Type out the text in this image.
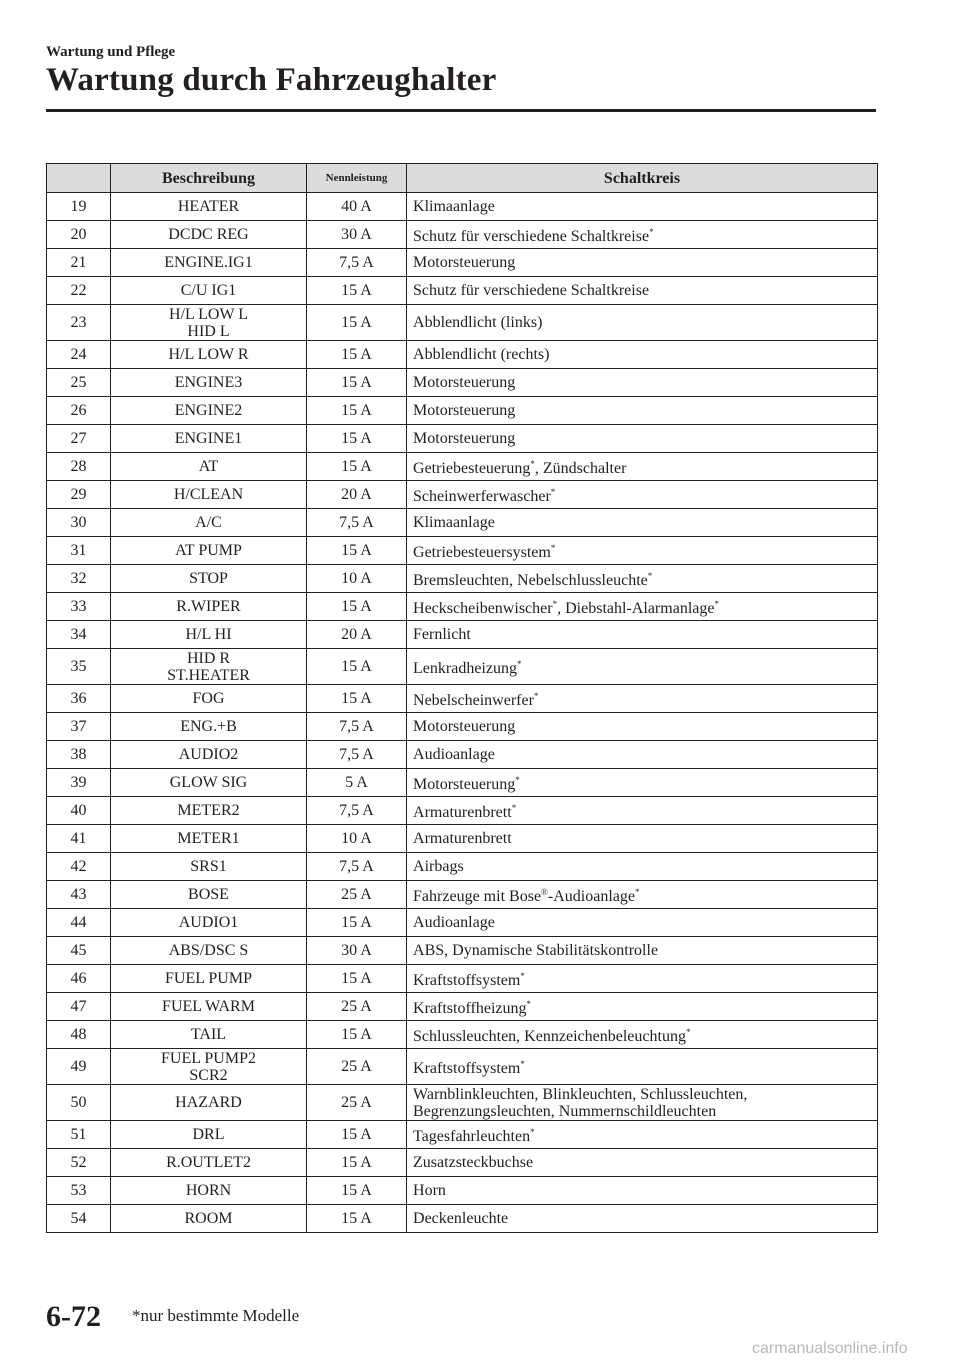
Wartung und Pflege
Wartung durch Fahrzeughalter
	Beschreibung	Nennleistung	Schaltkreis
19	HEATER	40 A	Klimaanlage
20	DCDC REG	30 A	Schutz für verschiedene Schaltkreise*
21	ENGINE.IG1	7,5 A	Motorsteuerung
22	C/U IG1	15 A	Schutz für verschiedene Schaltkreise
23	H/L LOW L
HID L	15 A	Abblendlicht (links)
24	H/L LOW R	15 A	Abblendlicht (rechts)
25	ENGINE3	15 A	Motorsteuerung
26	ENGINE2	15 A	Motorsteuerung
27	ENGINE1	15 A	Motorsteuerung
28	AT	15 A	Getriebesteuerung*, Zündschalter
29	H/CLEAN	20 A	Scheinwerferwascher*
30	A/C	7,5 A	Klimaanlage
31	AT PUMP	15 A	Getriebesteuersystem*
32	STOP	10 A	Bremsleuchten, Nebelschlussleuchte*
33	R.WIPER	15 A	Heckscheibenwischer*, Diebstahl-Alarmanlage*
34	H/L HI	20 A	Fernlicht
35	HID R
ST.HEATER	15 A	Lenkradheizung*
36	FOG	15 A	Nebelscheinwerfer*
37	ENG.+B	7,5 A	Motorsteuerung
38	AUDIO2	7,5 A	Audioanlage
39	GLOW SIG	5 A	Motorsteuerung*
40	METER2	7,5 A	Armaturenbrett*
41	METER1	10 A	Armaturenbrett
42	SRS1	7,5 A	Airbags
43	BOSE	25 A	Fahrzeuge mit Bose®-Audioanlage*
44	AUDIO1	15 A	Audioanlage
45	ABS/DSC S	30 A	ABS, Dynamische Stabilitätskontrolle
46	FUEL PUMP	15 A	Kraftstoffsystem*
47	FUEL WARM	25 A	Kraftstoffheizung*
48	TAIL	15 A	Schlussleuchten, Kennzeichenbeleuchtung*
49	FUEL PUMP2
SCR2	25 A	Kraftstoffsystem*
50	HAZARD	25 A	Warnblinkleuchten, Blinkleuchten, Schlussleuchten,
Begrenzungsleuchten, Nummernschildleuchten
51	DRL	15 A	Tagesfahrleuchten*
52	R.OUTLET2	15 A	Zusatzsteckbuchse
53	HORN	15 A	Horn
54	ROOM	15 A	Deckenleuchte
6-72 *nur bestimmte Modelle
carmanualsonline.info
